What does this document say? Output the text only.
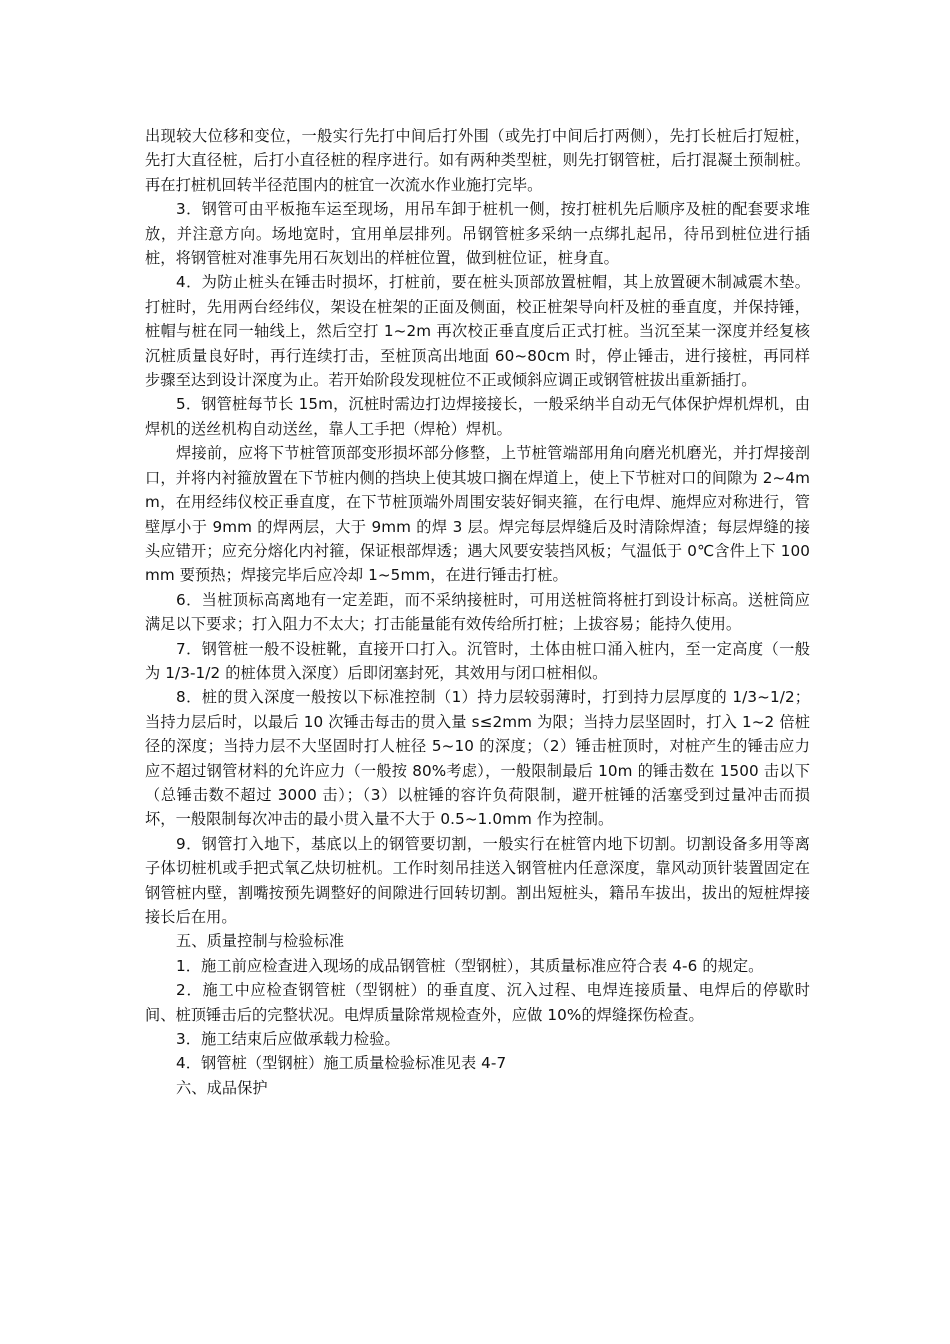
出现较大位移和变位，一般实行先打中间后打外围（或先打中间后打两侧），先打长桩后打短桩，先打大直径桩，后打小直径桩的程序进行。如有两种类型桩，则先打钢管桩，后打混凝土预制桩。再在打桩机回转半径范围内的桩宜一次流水作业施打完毕。

3．钢管可由平板拖车运至现场，用吊车卸于桩机一侧，按打桩机先后顺序及桩的配套要求堆放，并注意方向。场地宽时，宜用单层排列。吊钢管桩多采纳一点绑扎起吊，待吊到桩位进行插桩，将钢管桩对准事先用石灰划出的样桩位置，做到桩位证，桩身直。

4．为防止桩头在锤击时损坏，打桩前，要在桩头顶部放置桩帽，其上放置硬木制减震木垫。打桩时，先用两台经纬仪，架设在桩架的正面及侧面，校正桩架导向杆及桩的垂直度，并保持锤，桩帽与桩在同一轴线上，然后空打 1~2m 再次校正垂直度后正式打桩。当沉至某一深度并经复核沉桩质量良好时，再行连续打击，至桩顶高出地面 60~80cm 时，停止锤击，进行接桩，再同样步骤至达到设计深度为止。若开始阶段发现桩位不正或倾斜应调正或钢管桩拔出重新插打。

5．钢管桩每节长 15m，沉桩时需边打边焊接接长，一般采纳半自动无气体保护焊机焊机，由焊机的送丝机构自动送丝，靠人工手把（焊枪）焊机。

焊接前，应将下节桩管顶部变形损坏部分修整，上节桩管端部用角向磨光机磨光，并打焊接剖口，并将内衬箍放置在下节桩内侧的挡块上使其坡口搁在焊道上，使上下节桩对口的间隙为 2~4mm，在用经纬仪校正垂直度，在下节桩顶端外周围安装好铜夹箍，在行电焊、施焊应对称进行，管壁厚小于 9mm 的焊两层，大于 9mm 的焊 3 层。焊完每层焊缝后及时清除焊渣；每层焊缝的接头应错开；应充分熔化内衬箍，保证根部焊透；遇大风要安装挡风板；气温低于 0℃含件上下 100mm 要预热；焊接完毕后应冷却 1~5mm，在进行锤击打桩。

6．当桩顶标高离地有一定差距，而不采纳接桩时，可用送桩筒将桩打到设计标高。送桩筒应满足以下要求；打入阻力不太大；打击能量能有效传给所打桩；上拔容易；能持久使用。

7．钢管桩一般不设桩靴，直接开口打入。沉管时，土体由桩口涌入桩内，至一定高度（一般为 1/3-1/2 的桩体贯入深度）后即闭塞封死，其效用与闭口桩相似。

8．桩的贯入深度一般按以下标准控制（1）持力层较弱薄时，打到持力层厚度的 1/3~1/2；当持力层后时，以最后 10 次锤击每击的贯入量 s≤2mm 为限；当持力层坚固时，打入 1~2 倍桩径的深度；当持力层不大坚固时打人桩径 5~10 的深度；（2）锤击桩顶时，对桩产生的锤击应力应不超过钢管材料的允许应力（一般按 80%考虑），一般限制最后 10m 的锤击数在 1500 击以下（总锤击数不超过 3000 击）；（3）以桩锤的容许负荷限制，避开桩锤的活塞受到过量冲击而损坏，一般限制每次冲击的最小贯入量不大于 0.5~1.0mm 作为控制。

9．钢管打入地下，基底以上的钢管要切割，一般实行在桩管内地下切割。切割设备多用等离子体切桩机或手把式氧乙炔切桩机。工作时刻吊挂送入钢管桩内任意深度，靠风动顶针装置固定在钢管桩内壁，割嘴按预先调整好的间隙进行回转切割。割出短桩头，籍吊车拔出，拔出的短桩焊接接长后在用。

五、质量控制与检验标准

1．施工前应检查进入现场的成品钢管桩（型钢桩），其质量标准应符合表 4-6 的规定。

2．施工中应检查钢管桩（型钢桩）的垂直度、沉入过程、电焊连接质量、电焊后的停歇时间、桩顶锤击后的完整状况。电焊质量除常规检查外，应做 10%的焊缝探伤检查。

3．施工结束后应做承载力检验。

4．钢管桩（型钢桩）施工质量检验标准见表 4-7

六、成品保护
